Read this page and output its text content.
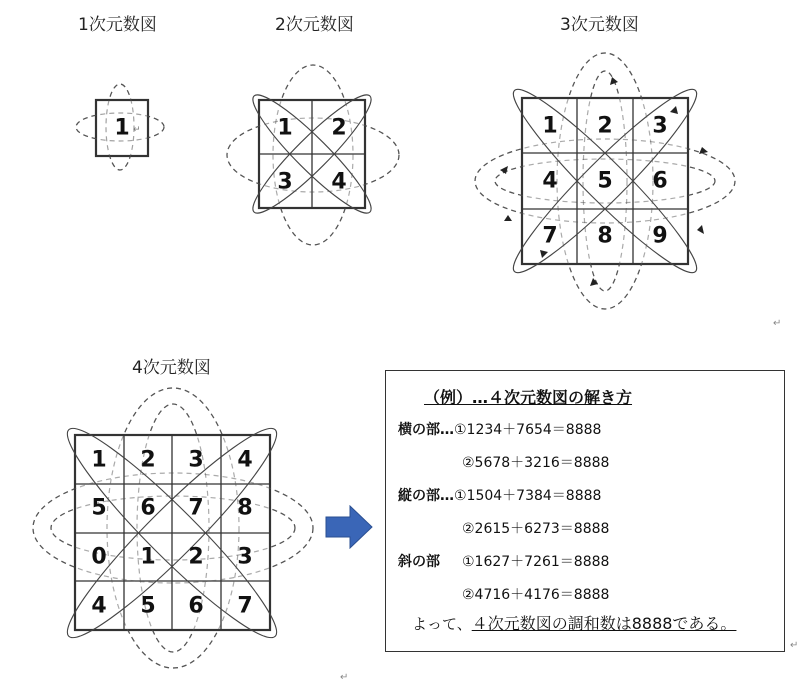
1次元数図	2次元数図	3次元数図
4次元数図
1 ↵	1 2
3 4
1 2 3
4 5 6
7 8 9
1 2 3 4
5 6 7 8
0 1 2 3
4 5 6 7
（例）…４次元数図の解き方
横の部…①1234＋7654＝8888
②5678＋3216＝8888
縦の部…①1504＋7384＝8888
②2615＋6273＝8888
斜の部 ①1627＋7261＝8888
②4716＋4176＝8888
よって、４次元数図の調和数は8888である。
↵
↵
↵
